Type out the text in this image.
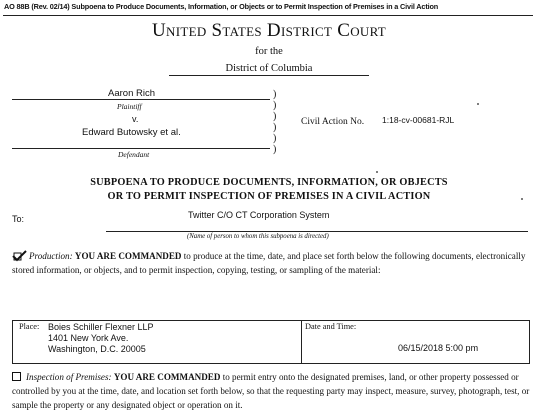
AO 88B (Rev. 02/14) Subpoena to Produce Documents, Information, or Objects or to Permit Inspection of Premises in a Civil Action
United States District Court
for the
District of Columbia
Aaron Rich
Plaintiff
v.
Edward Butowsky et al.
Defendant
)
)
)
)
)
)
Civil Action No. 1:18-cv-00681-RJL
SUBPOENA TO PRODUCE DOCUMENTS, INFORMATION, OR OBJECTS
OR TO PERMIT INSPECTION OF PREMISES IN A CIVIL ACTION
To:	Twitter C/O CT Corporation System
(Name of person to whom this subpoena is directed)
Production: YOU ARE COMMANDED to produce at the time, date, and place set forth below the following documents, electronically stored information, or objects, and to permit inspection, copying, testing, or sampling of the material:
Place: Boies Schiller Flexner LLP
1401 New York Ave.
Washington, D.C. 20005
Date and Time:
06/15/2018 5:00 pm
Inspection of Premises: YOU ARE COMMANDED to permit entry onto the designated premises, land, or other property possessed or controlled by you at the time, date, and location set forth below, so that the requesting party may inspect, measure, survey, photograph, test, or sample the property or any designated object or operation on it.
